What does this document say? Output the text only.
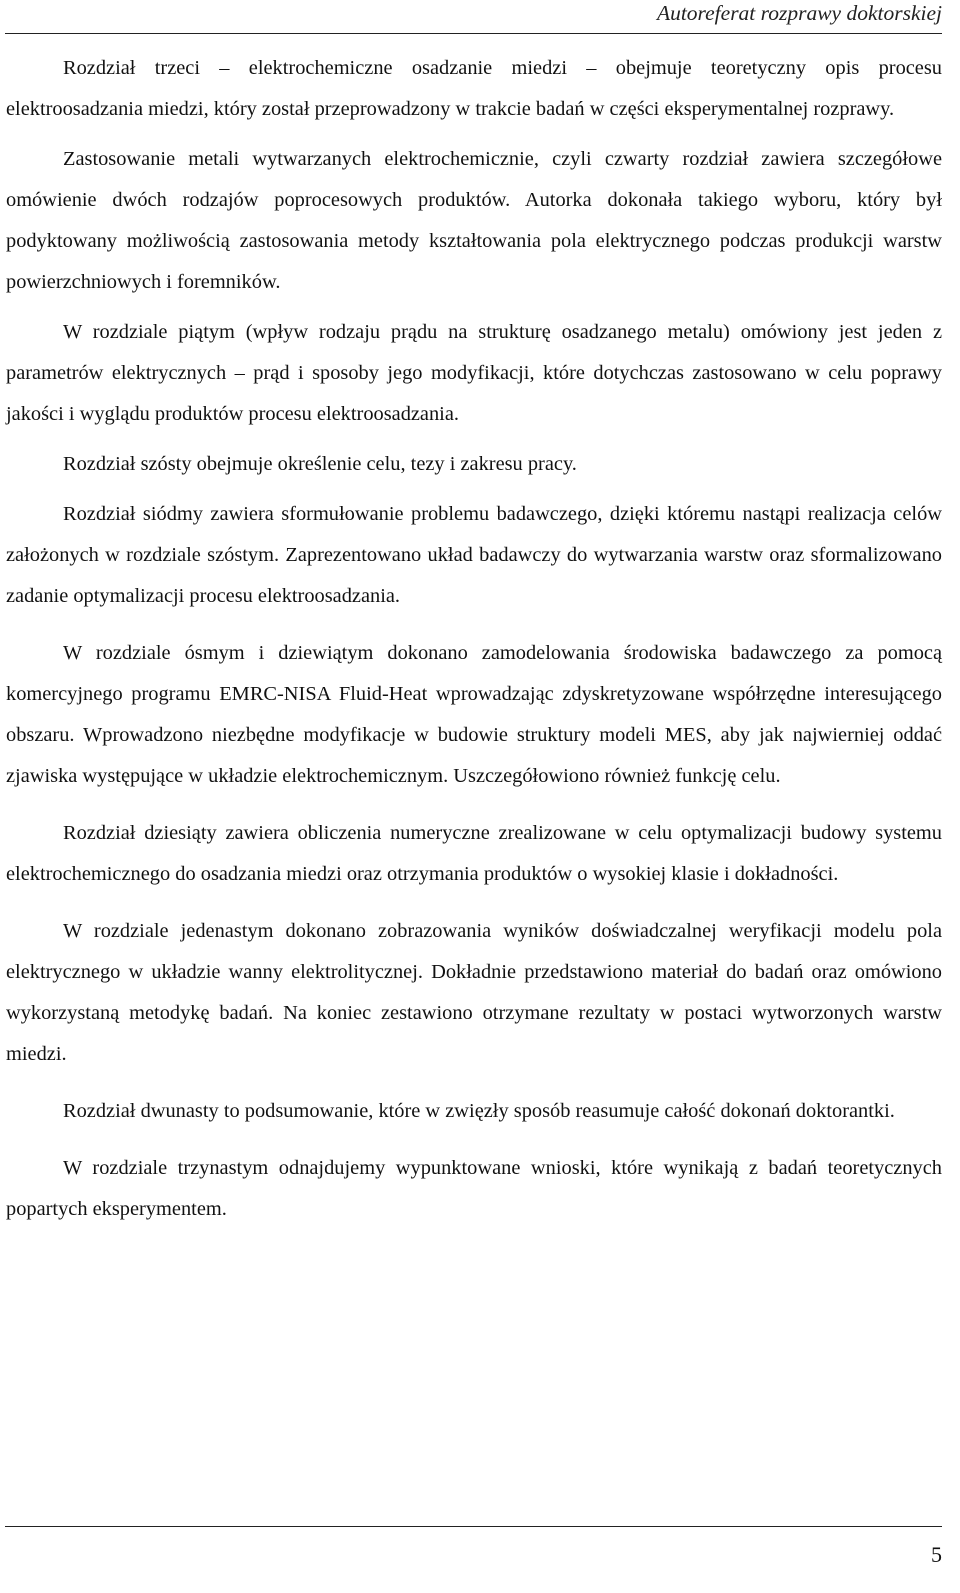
Autoreferat rozprawy doktorskiej

Rozdział trzeci – elektrochemiczne osadzanie miedzi – obejmuje teoretyczny opis procesu elektroosadzania miedzi, który został przeprowadzony w trakcie badań w części eksperymentalnej rozprawy.

Zastosowanie metali wytwarzanych elektrochemicznie, czyli czwarty rozdział zawiera szczegółowe omówienie dwóch rodzajów poprocesowych produktów. Autorka dokonała takiego wyboru, który był podyktowany możliwością zastosowania metody kształtowania pola elektrycznego podczas produkcji warstw powierzchniowych i foremników.

W rozdziale piątym (wpływ rodzaju prądu na strukturę osadzanego metalu) omówiony jest jeden z parametrów elektrycznych – prąd i sposoby jego modyfikacji, które dotychczas zastosowano w celu poprawy jakości i wyglądu produktów procesu elektroosadzania.

Rozdział szósty obejmuje określenie celu, tezy i zakresu pracy.

Rozdział siódmy zawiera sformułowanie problemu badawczego, dzięki któremu nastąpi realizacja celów założonych w rozdziale szóstym. Zaprezentowano układ badawczy do wytwarzania warstw oraz sformalizowano zadanie optymalizacji procesu elektroosadzania.

W rozdziale ósmym i dziewiątym dokonano zamodelowania środowiska badawczego za pomocą komercyjnego programu EMRC-NISA Fluid-Heat wprowadzając zdyskretyzowane współrzędne interesującego obszaru. Wprowadzono niezbędne modyfikacje w budowie struktury modeli MES, aby jak najwierniej oddać zjawiska występujące w układzie elektrochemicznym. Uszczegółowiono również funkcję celu.

Rozdział dziesiąty zawiera obliczenia numeryczne zrealizowane w celu optymalizacji budowy systemu elektrochemicznego do osadzania miedzi oraz otrzymania produktów o wysokiej klasie i dokładności.

W rozdziale jedenastym dokonano zobrazowania wyników doświadczalnej weryfikacji modelu pola elektrycznego w układzie wanny elektrolitycznej. Dokładnie przedstawiono materiał do badań oraz omówiono wykorzystaną metodykę badań. Na koniec zestawiono otrzymane rezultaty w postaci wytworzonych warstw miedzi.

Rozdział dwunasty to podsumowanie, które w zwięzły sposób reasumuje całość dokonań doktorantki.

W rozdziale trzynastym odnajdujemy wypunktowane wnioski, które wynikają z badań teoretycznych popartych eksperymentem.

5
